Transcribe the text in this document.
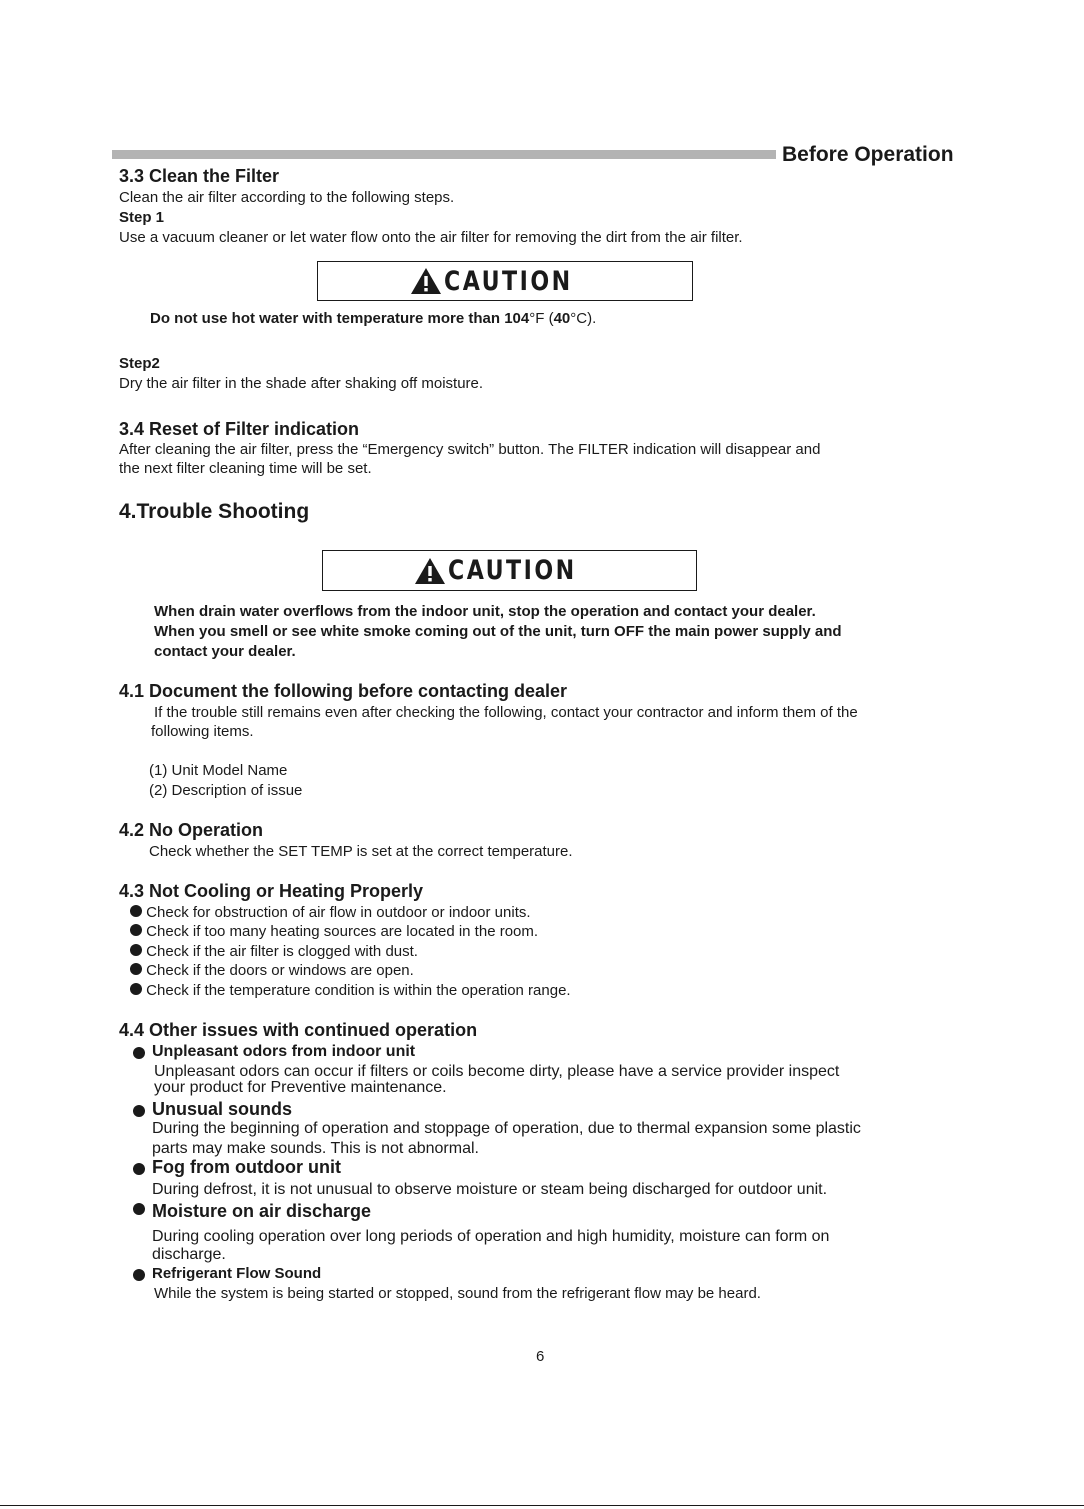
Before Operation
3.3 Clean the Filter
Clean the air filter according to the following steps.
Step 1
Use a vacuum cleaner or let water flow onto the air filter for removing the dirt from the air filter.
CAUTION
Do not use hot water with temperature more than 104°F (40°C).
Step2
Dry the air filter in the shade after shaking off moisture.
3.4 Reset of Filter indication
After cleaning the air filter, press the “Emergency switch” button. The FILTER indication will disappear and
the next filter cleaning time will be set.
4.Trouble Shooting
CAUTION
When drain water overflows from the indoor unit, stop the operation and contact your dealer.
When you smell or see white smoke coming out of the unit, turn OFF the main power supply and
contact your dealer.
4.1 Document the following before contacting dealer
If the trouble still remains even after checking the following, contact your contractor and inform them of the
following items.
(1) Unit Model Name
(2) Description of issue
4.2 No Operation
Check whether the SET TEMP is set at the correct temperature.
4.3 Not Cooling or Heating Properly
Check for obstruction of air flow in outdoor or indoor units.
Check if too many heating sources are located in the room.
Check if the air filter is clogged with dust.
Check if the doors or windows are open.
Check if the temperature condition is within the operation range.
4.4 Other issues with continued operation
Unpleasant odors from indoor unit
Unpleasant odors can occur if filters or coils become dirty, please have a service provider inspect
your product for Preventive maintenance.
Unusual sounds
During the beginning of operation and stoppage of operation, due to thermal expansion some plastic
parts may make sounds. This is not abnormal.
Fog from outdoor unit
During defrost, it is not unusual to observe moisture or steam being discharged for outdoor unit.
Moisture on air discharge
During cooling operation over long periods of operation and high humidity, moisture can form on
discharge.
Refrigerant Flow Sound
While the system is being started or stopped, sound from the refrigerant flow may be heard.
6
